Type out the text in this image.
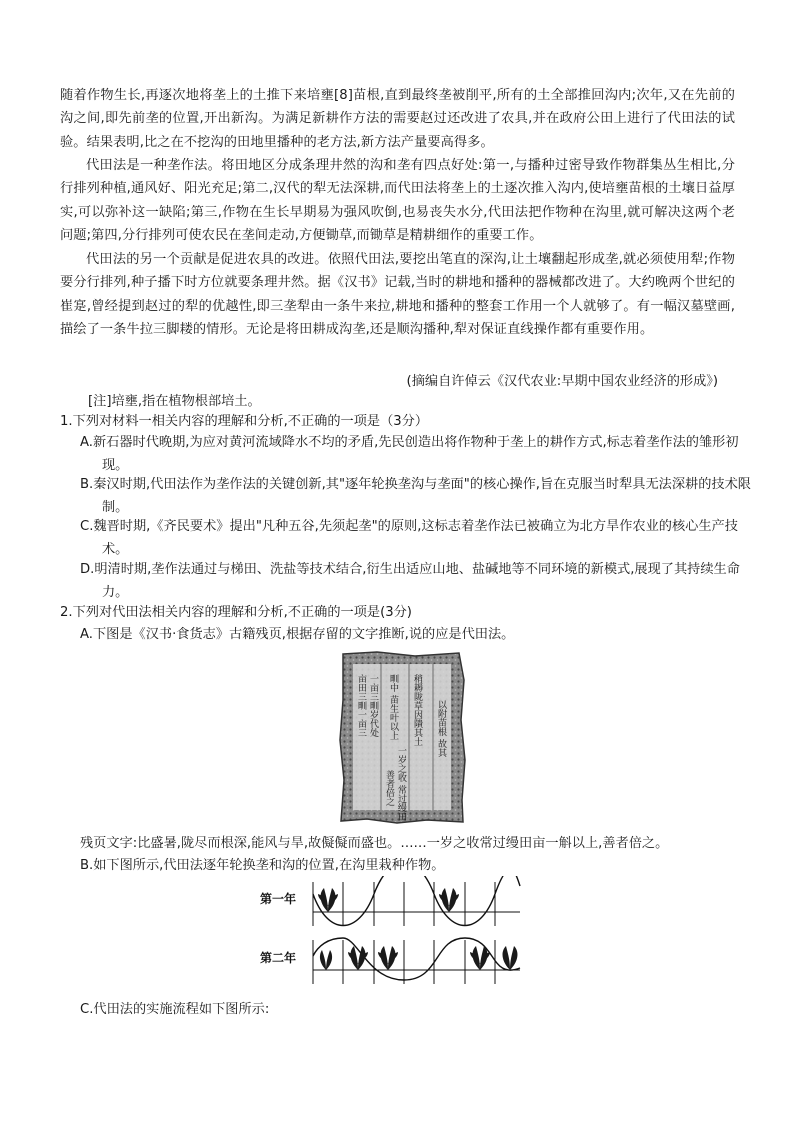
随着作物生长,再逐次地将垄上的土推下来培壅[8]苗根,直到最终垄被削平,所有的土全部推回沟内;次年,又在先前的沟之间,即先前垄的位置,开出新沟。为满足新耕作方法的需要赵过还改进了农具,并在政府公田上进行了代田法的试验。结果表明,比之在不挖沟的田地里播种的老方法,新方法产量要高得多。
代田法是一种垄作法。将田地区分成条理井然的沟和垄有四点好处:第一,与播种过密导致作物群集丛生相比,分行排列种植,通风好、阳光充足;第二,汉代的犁无法深耕,而代田法将垄上的土逐次推入沟内,使培壅苗根的土壤日益厚实,可以弥补这一缺陷;第三,作物在生长早期易为强风吹倒,也易丧失水分,代田法把作物种在沟里,就可解决这两个老问题;第四,分行排列可使农民在垄间走动,方便锄草,而锄草是精耕细作的重要工作。
代田法的另一个贡献是促进农具的改进。依照代田法,要挖出笔直的深沟,让土壤翻起形成垄,就必须使用犁;作物要分行排列,种子播下时方位就要条理井然。据《汉书》记载,当时的耕地和播种的器械都改进了。大约晚两个世纪的崔寔,曾经提到赵过的犁的优越性,即三垄犁由一条牛来拉,耕地和播种的整套工作用一个人就够了。有一幅汉墓壁画,描绘了一条牛拉三脚耧的情形。无论是将田耕成沟垄,还是顺沟播种,犁对保证直线操作都有重要作用。
(摘编自许倬云《汉代农业:早期中国农业经济的形成》)
[注]培壅,指在植物根部培土。
1.下列对材料一相关内容的理解和分析,不正确的一项是（3分）
A.新石器时代晚期,为应对黄河流域降水不均的矛盾,先民创造出将作物种于垄上的耕作方式,标志着垄作法的雏形初现。
B.秦汉时期,代田法作为垄作法的关键创新,其"逐年轮换垄沟与垄面"的核心操作,旨在克服当时犁具无法深耕的技术限制。
C.魏晋时期,《齐民要术》提出"凡种五谷,先须起垄"的原则,这标志着垄作法已被确立为北方旱作农业的核心生产技术。
D.明清时期,垄作法通过与梯田、洗盐等技术结合,衍生出适应山地、盐碱地等不同环境的新模式,展现了其持续生命力。
2.下列对代田法相关内容的理解和分析,不正确的一项是(3分)
A.下图是《汉书·食货志》古籍残页,根据存留的文字推断,说的应是代田法。
亩田三甽一亩三 一亩三甽岁代处 甽中 苗生叶以上 稍耨陇草因隤其土 以附苗根 故其
一岁之收 常过缦田
善者倍之
残页文字:比盛暑,陇尽而根深,能风与旱,故儗儗而盛也。……一岁之收常过缦田亩一斛以上,善者倍之。
B.如下图所示,代田法逐年轮换垄和沟的位置,在沟里栽种作物。
第一年
第二年
C.代田法的实施流程如下图所示:
